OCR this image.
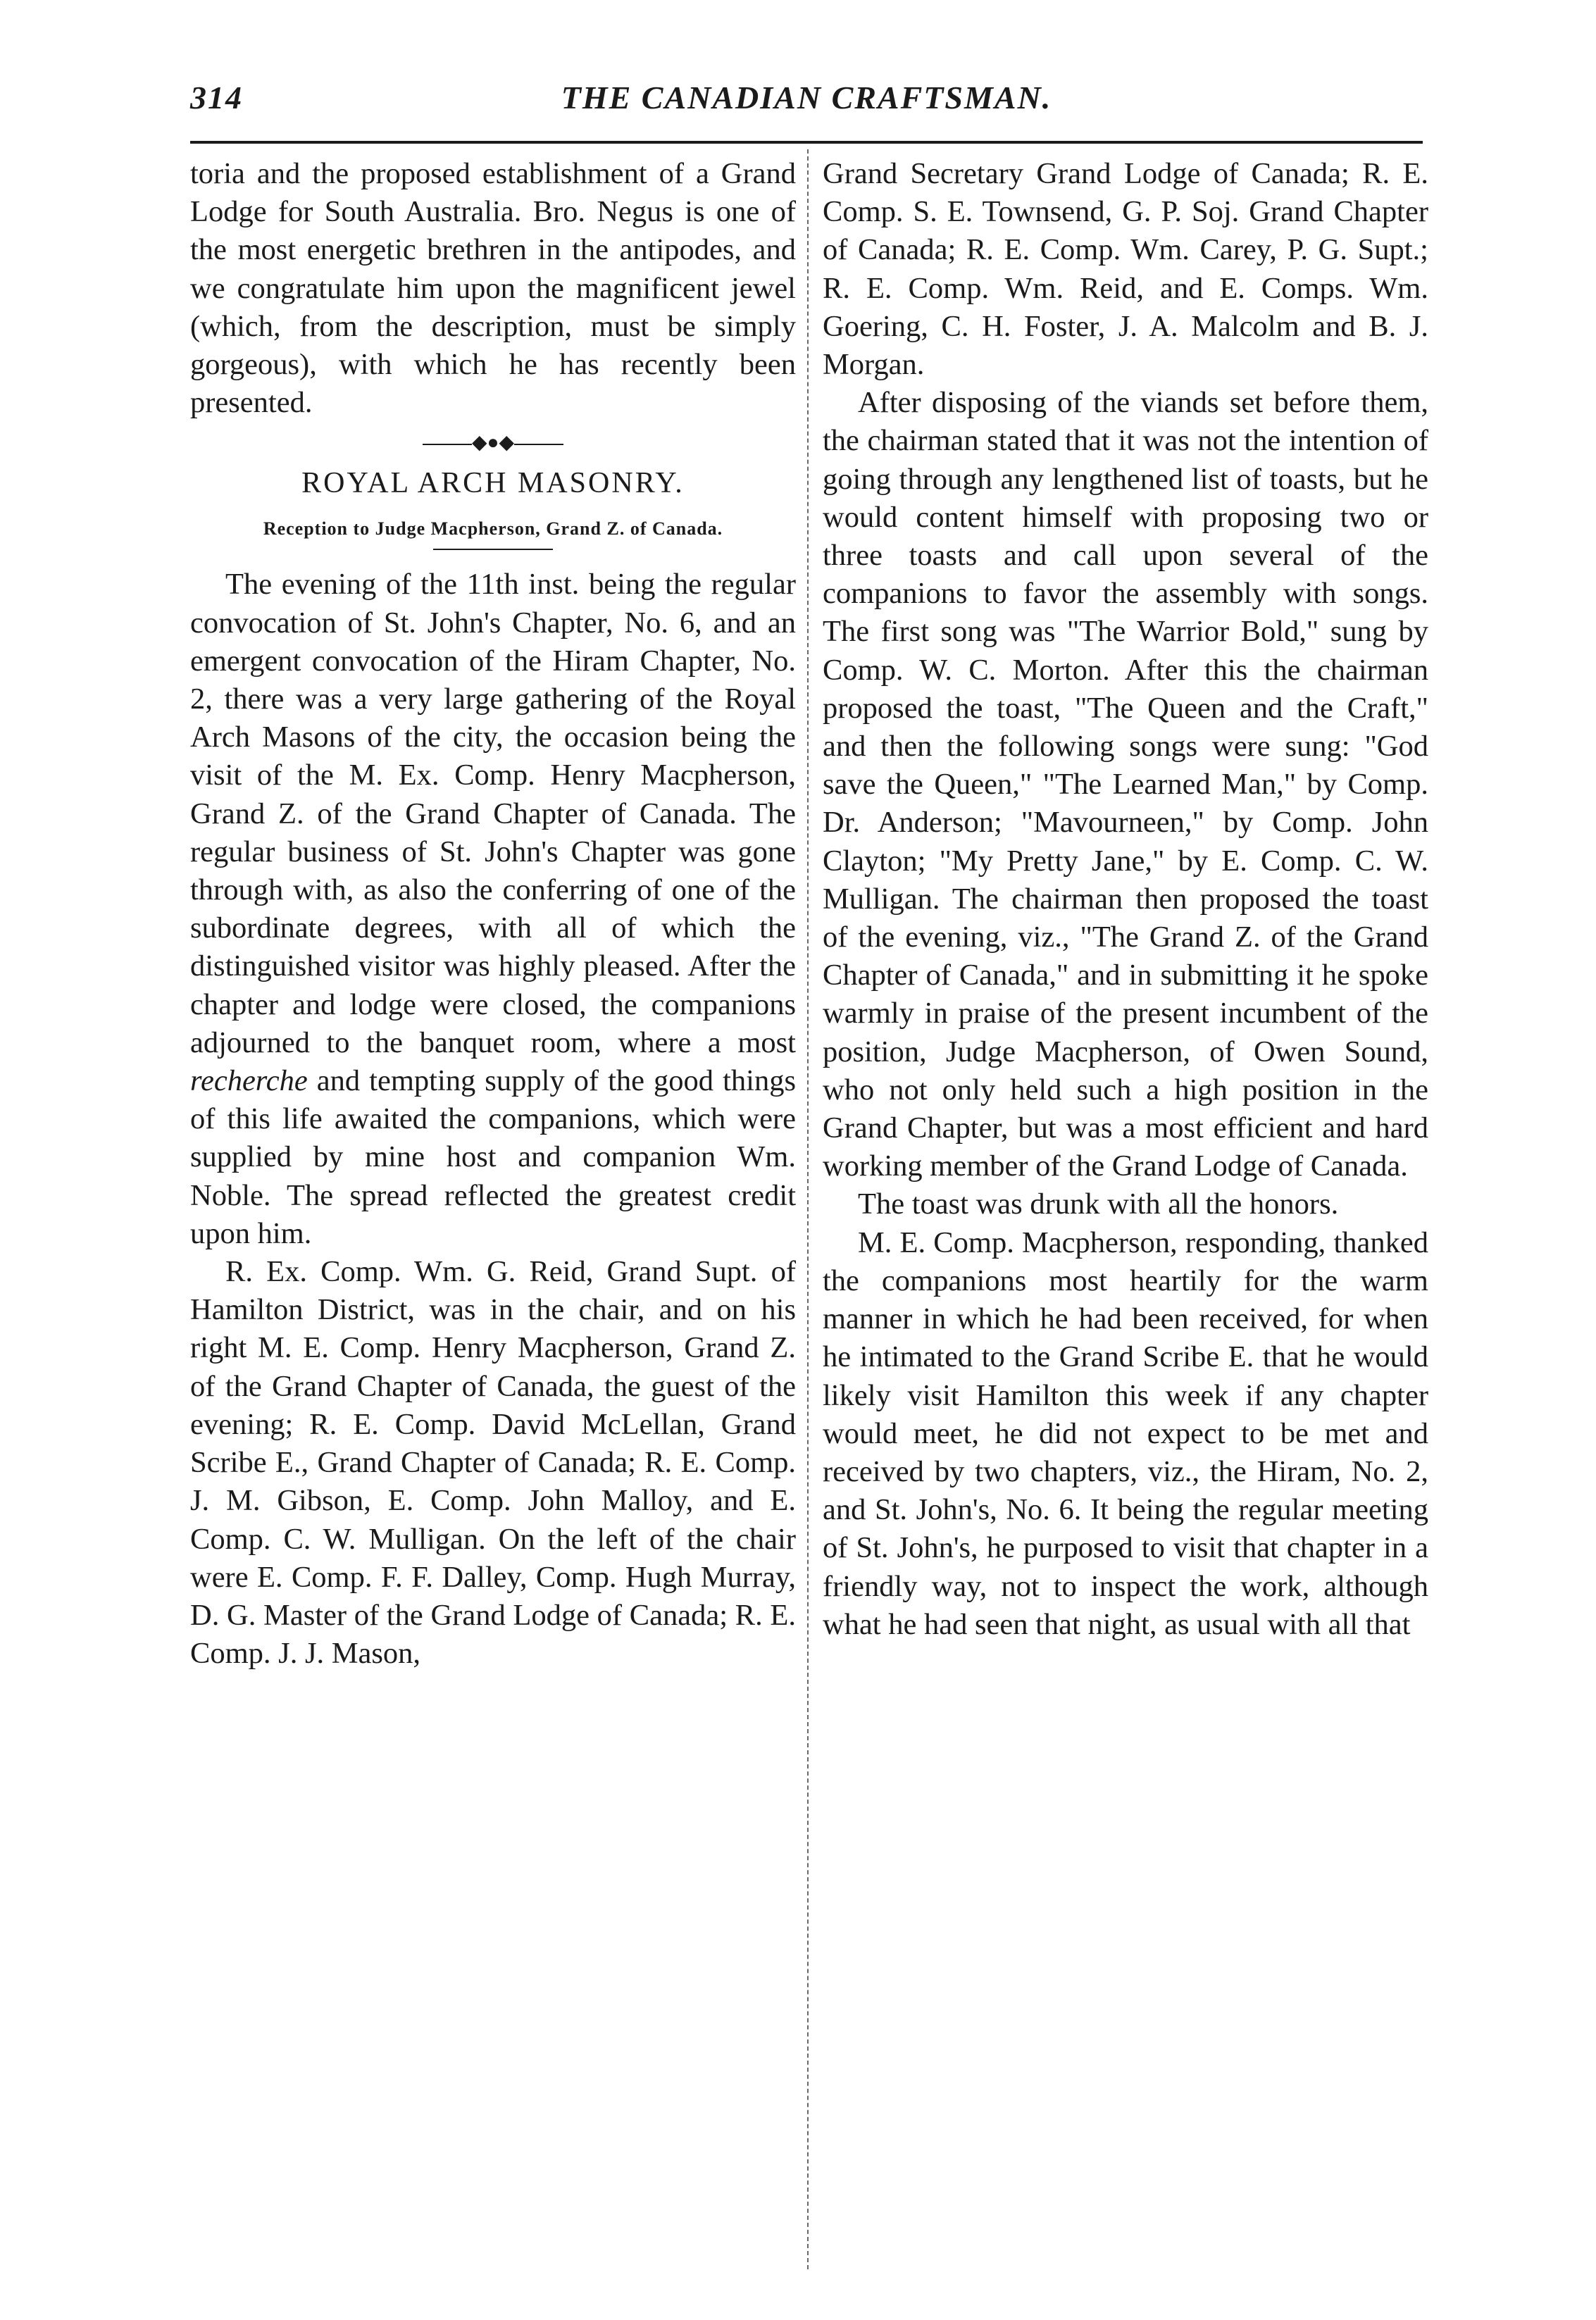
314	THE CANADIAN CRAFTSMAN.

toria and the proposed establishment of a Grand Lodge for South Australia. Bro. Negus is one of the most energetic brethren in the antipodes, and we congratulate him upon the magnificent jewel (which, from the description, must be simply gorgeous), with which he has recently been presented.

◆●◆
ROYAL ARCH MASONRY.
Reception to Judge Macpherson, Grand Z. of Canada.

The evening of the 11th inst. being the regular convocation of St. John's Chapter, No. 6, and an emergent convocation of the Hiram Chapter, No. 2, there was a very large gathering of the Royal Arch Masons of the city, the occasion being the visit of the M. Ex. Comp. Henry Macpherson, Grand Z. of the Grand Chapter of Canada. The regular business of St. John's Chapter was gone through with, as also the conferring of one of the subordinate degrees, with all of which the distinguished visitor was highly pleased. After the chapter and lodge were closed, the companions adjourned to the banquet room, where a most recherche and tempting supply of the good things of this life awaited the companions, which were supplied by mine host and companion Wm. Noble. The spread reflected the greatest credit upon him.

R. Ex. Comp. Wm. G. Reid, Grand Supt. of Hamilton District, was in the chair, and on his right M. E. Comp. Henry Macpherson, Grand Z. of the Grand Chapter of Canada, the guest of the evening; R. E. Comp. David McLellan, Grand Scribe E., Grand Chapter of Canada; R. E. Comp. J. M. Gibson, E. Comp. John Malloy, and E. Comp. C. W. Mulligan. On the left of the chair were E. Comp. F. F. Dalley, Comp. Hugh Murray, D. G. Master of the Grand Lodge of Canada; R. E. Comp. J. J. Mason,

Grand Secretary Grand Lodge of Canada; R. E. Comp. S. E. Townsend, G. P. Soj. Grand Chapter of Canada; R. E. Comp. Wm. Carey, P. G. Supt.; R. E. Comp. Wm. Reid, and E. Comps. Wm. Goering, C. H. Foster, J. A. Malcolm and B. J. Morgan.

After disposing of the viands set before them, the chairman stated that it was not the intention of going through any lengthened list of toasts, but he would content himself with proposing two or three toasts and call upon several of the companions to favor the assembly with songs. The first song was "The Warrior Bold," sung by Comp. W. C. Morton. After this the chairman proposed the toast, "The Queen and the Craft," and then the following songs were sung: "God save the Queen," "The Learned Man," by Comp. Dr. Anderson; "Mavourneen," by Comp. John Clayton; "My Pretty Jane," by E. Comp. C. W. Mulligan. The chairman then proposed the toast of the evening, viz., "The Grand Z. of the Grand Chapter of Canada," and in submitting it he spoke warmly in praise of the present incumbent of the position, Judge Macpherson, of Owen Sound, who not only held such a high position in the Grand Chapter, but was a most efficient and hard working member of the Grand Lodge of Canada.

The toast was drunk with all the honors.

M. E. Comp. Macpherson, responding, thanked the companions most heartily for the warm manner in which he had been received, for when he intimated to the Grand Scribe E. that he would likely visit Hamilton this week if any chapter would meet, he did not expect to be met and received by two chapters, viz., the Hiram, No. 2, and St. John's, No. 6. It being the regular meeting of St. John's, he purposed to visit that chapter in a friendly way, not to inspect the work, although what he had seen that night, as usual with all that
